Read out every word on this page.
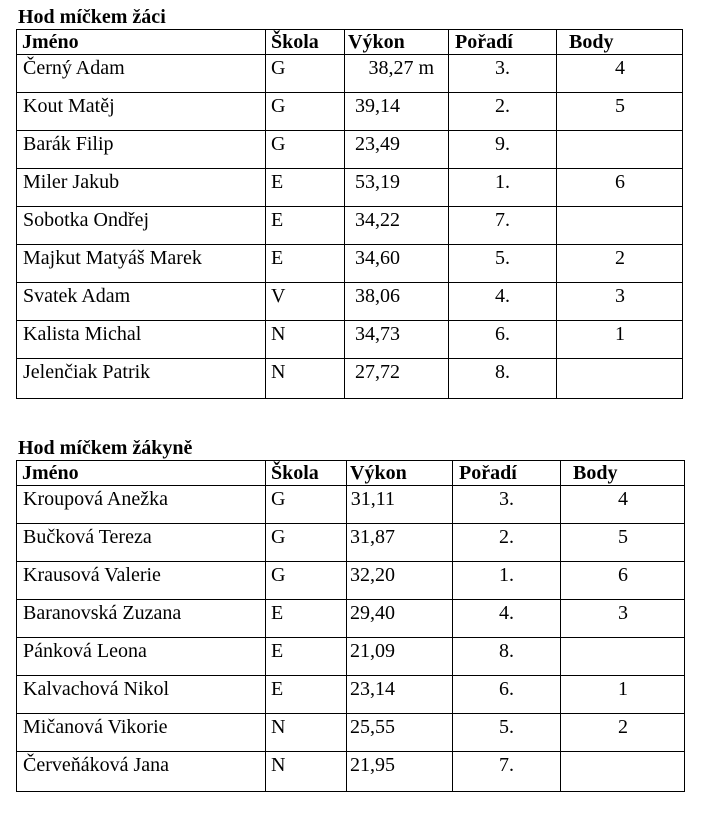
Hod míčkem žáci
Jméno	Škola	Výkon	Pořadí	Body
Černý Adam	G	38,27 m	3.	4
Kout Matěj	G	39,14	2.	5
Barák Filip	G	23,49	9.	
Miler Jakub	E	53,19	1.	6
Sobotka Ondřej	E	34,22	7.	
Majkut Matyáš Marek	E	34,60	5.	2
Svatek Adam	V	38,06	4.	3
Kalista Michal	N	34,73	6.	1
Jelenčiak Patrik	N	27,72	8.	
Hod míčkem žákyně
Jméno	Škola	Výkon	Pořadí	Body
Kroupová Anežka	G	31,11	3.	4
Bučková Tereza	G	31,87	2.	5
Krausová Valerie	G	32,20	1.	6
Baranovská Zuzana	E	29,40	4.	3
Pánková Leona	E	21,09	8.	
Kalvachová Nikol	E	23,14	6.	1
Mičanová Vikorie	N	25,55	5.	2
Červeňáková Jana	N	21,95	7.	
